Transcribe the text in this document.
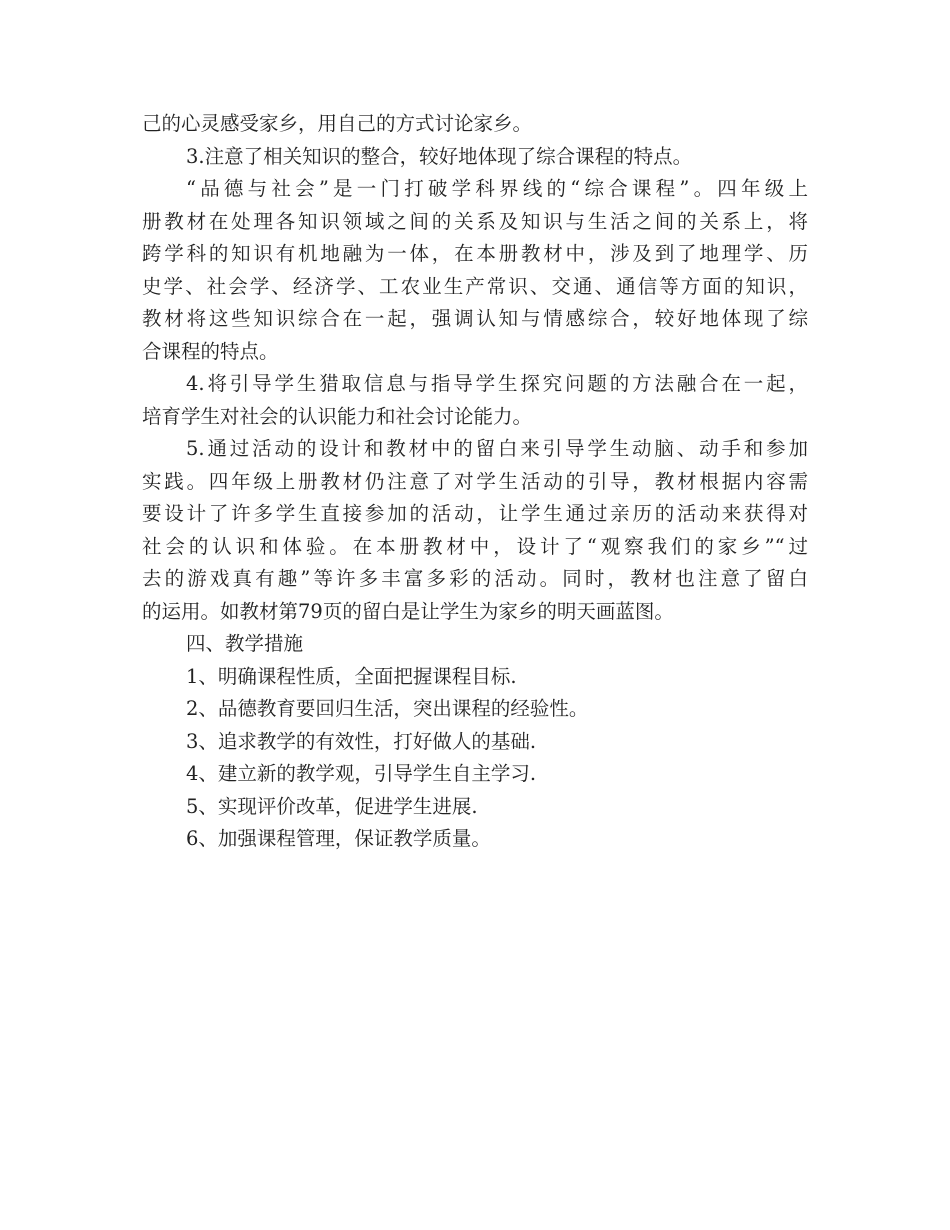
己的心灵感受家乡，用自己的方式讨论家乡。
3.注意了相关知识的整合，较好地体现了综合课程的特点。
“品德与社会”是一门打破学科界线的“综合课程”。四年级上
册教材在处理各知识领域之间的关系及知识与生活之间的关系上，将
跨学科的知识有机地融为一体，在本册教材中，涉及到了地理学、历
史学、社会学、经济学、工农业生产常识、交通、通信等方面的知识，
教材将这些知识综合在一起，强调认知与情感综合，较好地体现了综
合课程的特点。
4.将引导学生猎取信息与指导学生探究问题的方法融合在一起，
培育学生对社会的认识能力和社会讨论能力。
5.通过活动的设计和教材中的留白来引导学生动脑、动手和参加
实践。四年级上册教材仍注意了对学生活动的引导，教材根据内容需
要设计了许多学生直接参加的活动，让学生通过亲历的活动来获得对
社会的认识和体验。在本册教材中，设计了“观察我们的家乡”“过
去的游戏真有趣”等许多丰富多彩的活动。同时，教材也注意了留白
的运用。如教材第79页的留白是让学生为家乡的明天画蓝图。
四、教学措施
1、明确课程性质，全面把握课程目标.
2、品德教育要回归生活，突出课程的经验性。
3、追求教学的有效性，打好做人的基础.
4、建立新的教学观，引导学生自主学习.
5、实现评价改革，促进学生进展.
6、加强课程管理，保证教学质量。
